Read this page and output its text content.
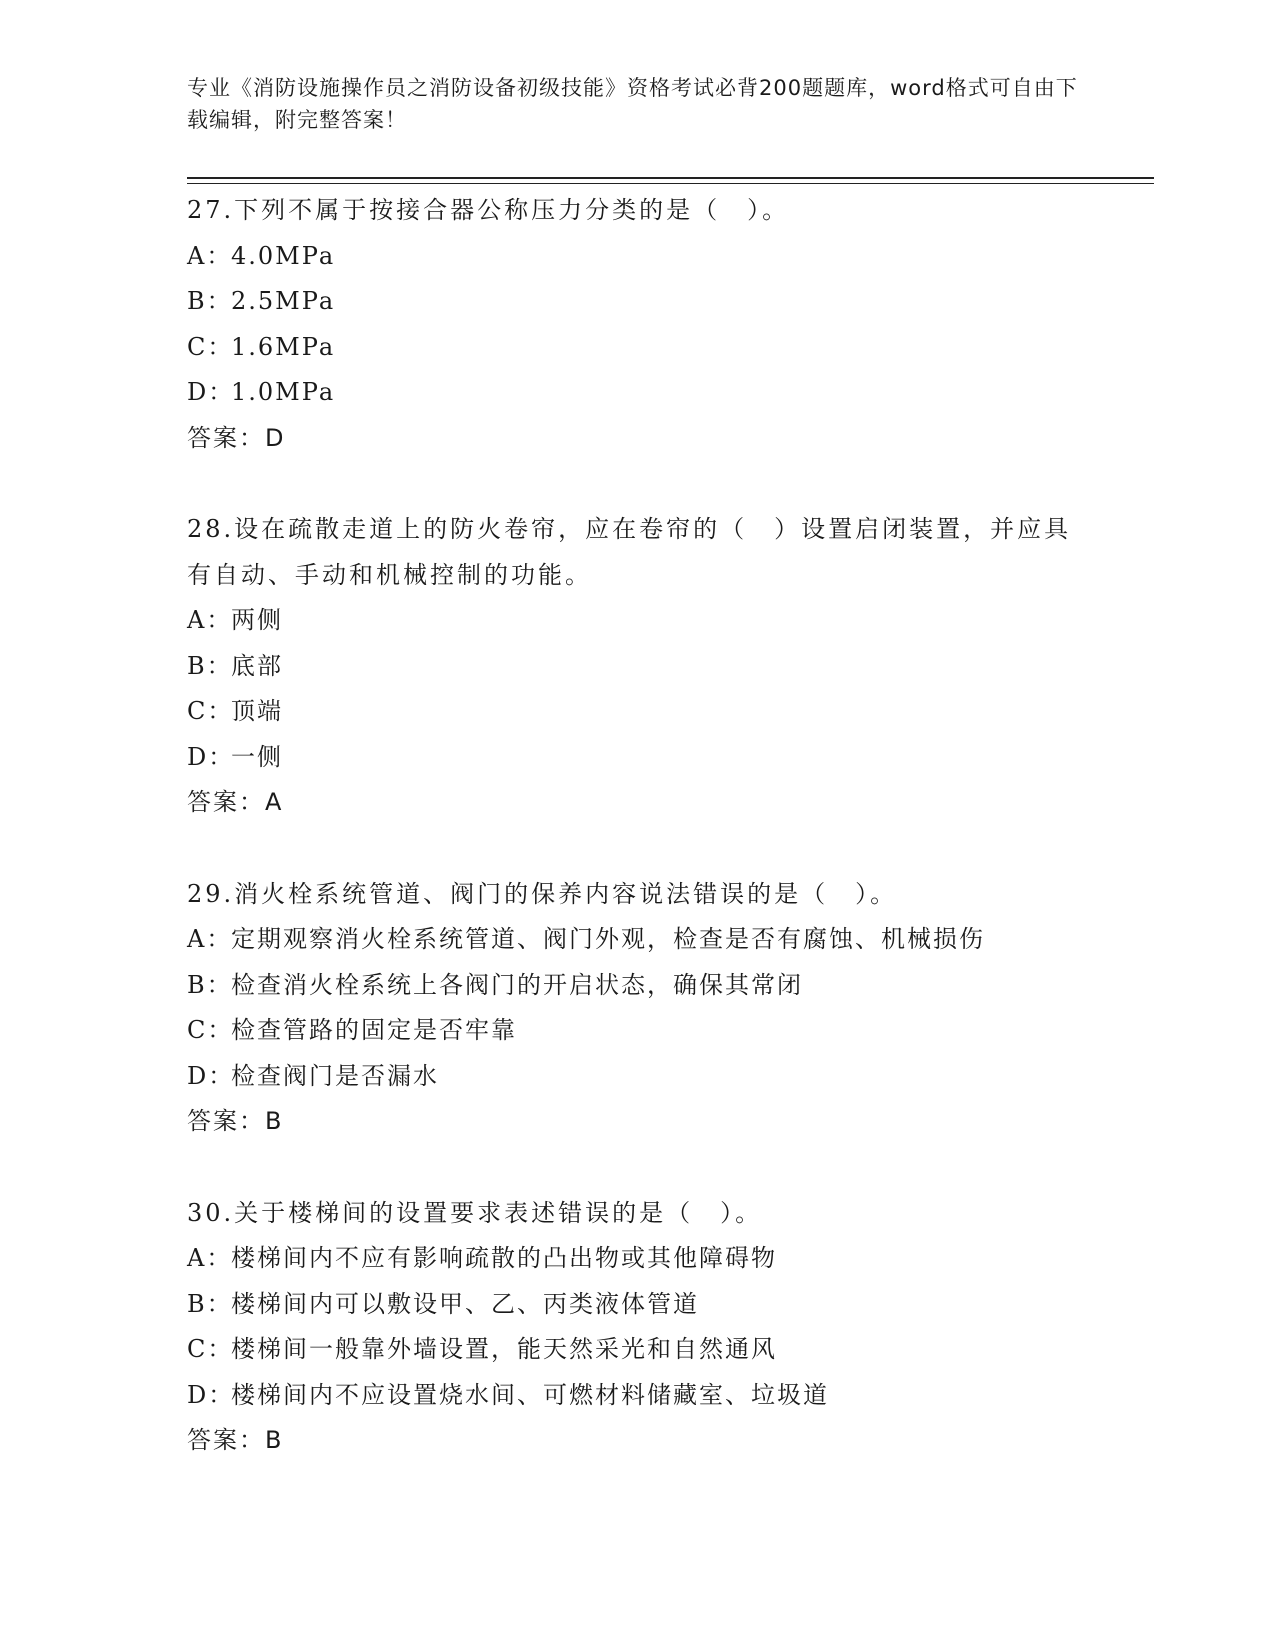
专业《消防设施操作员之消防设备初级技能》资格考试必背200题题库，word格式可自由下载编辑，附完整答案！
27.下列不属于按接合器公称压力分类的是（　）。
A：4.0MPa
B：2.5MPa
C：1.6MPa
D：1.0MPa
答案：D
28.设在疏散走道上的防火卷帘，应在卷帘的（　）设置启闭装置，并应具有自动、手动和机械控制的功能。
A：两侧
B：底部
C：顶端
D：一侧
答案：A
29.消火栓系统管道、阀门的保养内容说法错误的是（　）。
A：定期观察消火栓系统管道、阀门外观，检查是否有腐蚀、机械损伤
B：检查消火栓系统上各阀门的开启状态，确保其常闭
C：检查管路的固定是否牢靠
D：检查阀门是否漏水
答案：B
30.关于楼梯间的设置要求表述错误的是（　）。
A：楼梯间内不应有影响疏散的凸出物或其他障碍物
B：楼梯间内可以敷设甲、乙、丙类液体管道
C：楼梯间一般靠外墙设置，能天然采光和自然通风
D：楼梯间内不应设置烧水间、可燃材料储藏室、垃圾道
答案：B
